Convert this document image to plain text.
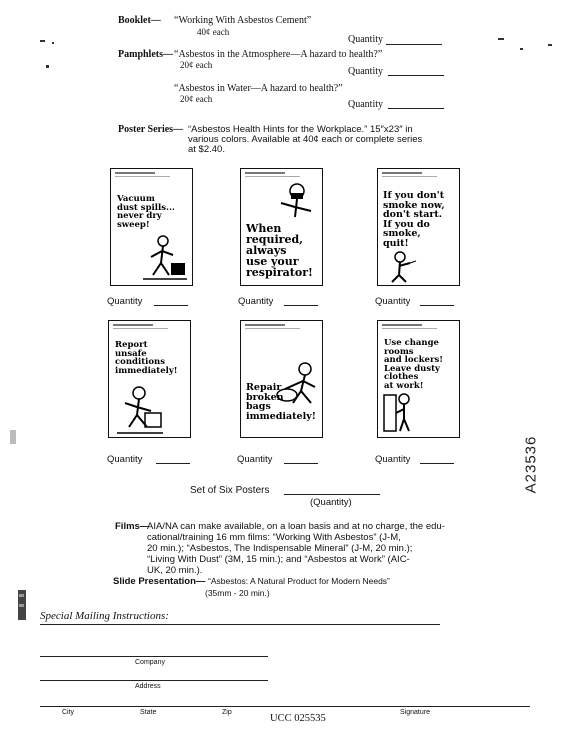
Booklet— “Working With Asbestos Cement”
40¢ each
Quantity
Pamphlets— “Asbestos in the Atmosphere—A hazard to health?”
20¢ each
Quantity
“Asbestos in Water—A hazard to health?”
20¢ each	Quantity
Poster Series— “Asbestos Health Hints for the Workplace.” 15″x23″ in
various colors. Available at 40¢ each or complete series
at $2.40.
Vacuum
dust spills...
never dry
sweep!
Quantity
When
required,
always
use your
respirator!
Quantity
If you don't
smoke now,
don't start.
If you do
smoke,
quit!
Quantity
Report
unsafe
conditions
immediately!
Quantity
Repair
broken
bags
immediately!
Quantity
Use change
rooms
and lockers!
Leave dusty
clothes
at work!
Quantity
Set of Six Posters
(Quantity)
Films—
AIA/NA can make available, on a loan basis and at no charge, the edu-
cational/training 16 mm films: “Working With Asbestos” (J-M,
20 min.); “Asbestos, The Indispensable Mineral” (J-M, 20 min.);
“Living With Dust” (3M, 15 min.); and “Asbestos at Work” (AIC-
UK, 20 min.).
Slide Presentation— “Asbestos: A Natural Product for Modern Needs”
(35mm - 20 min.)
Special Mailing Instructions:
Company
Address
City	State	Zip	Signature
UCC 025535
A23536
